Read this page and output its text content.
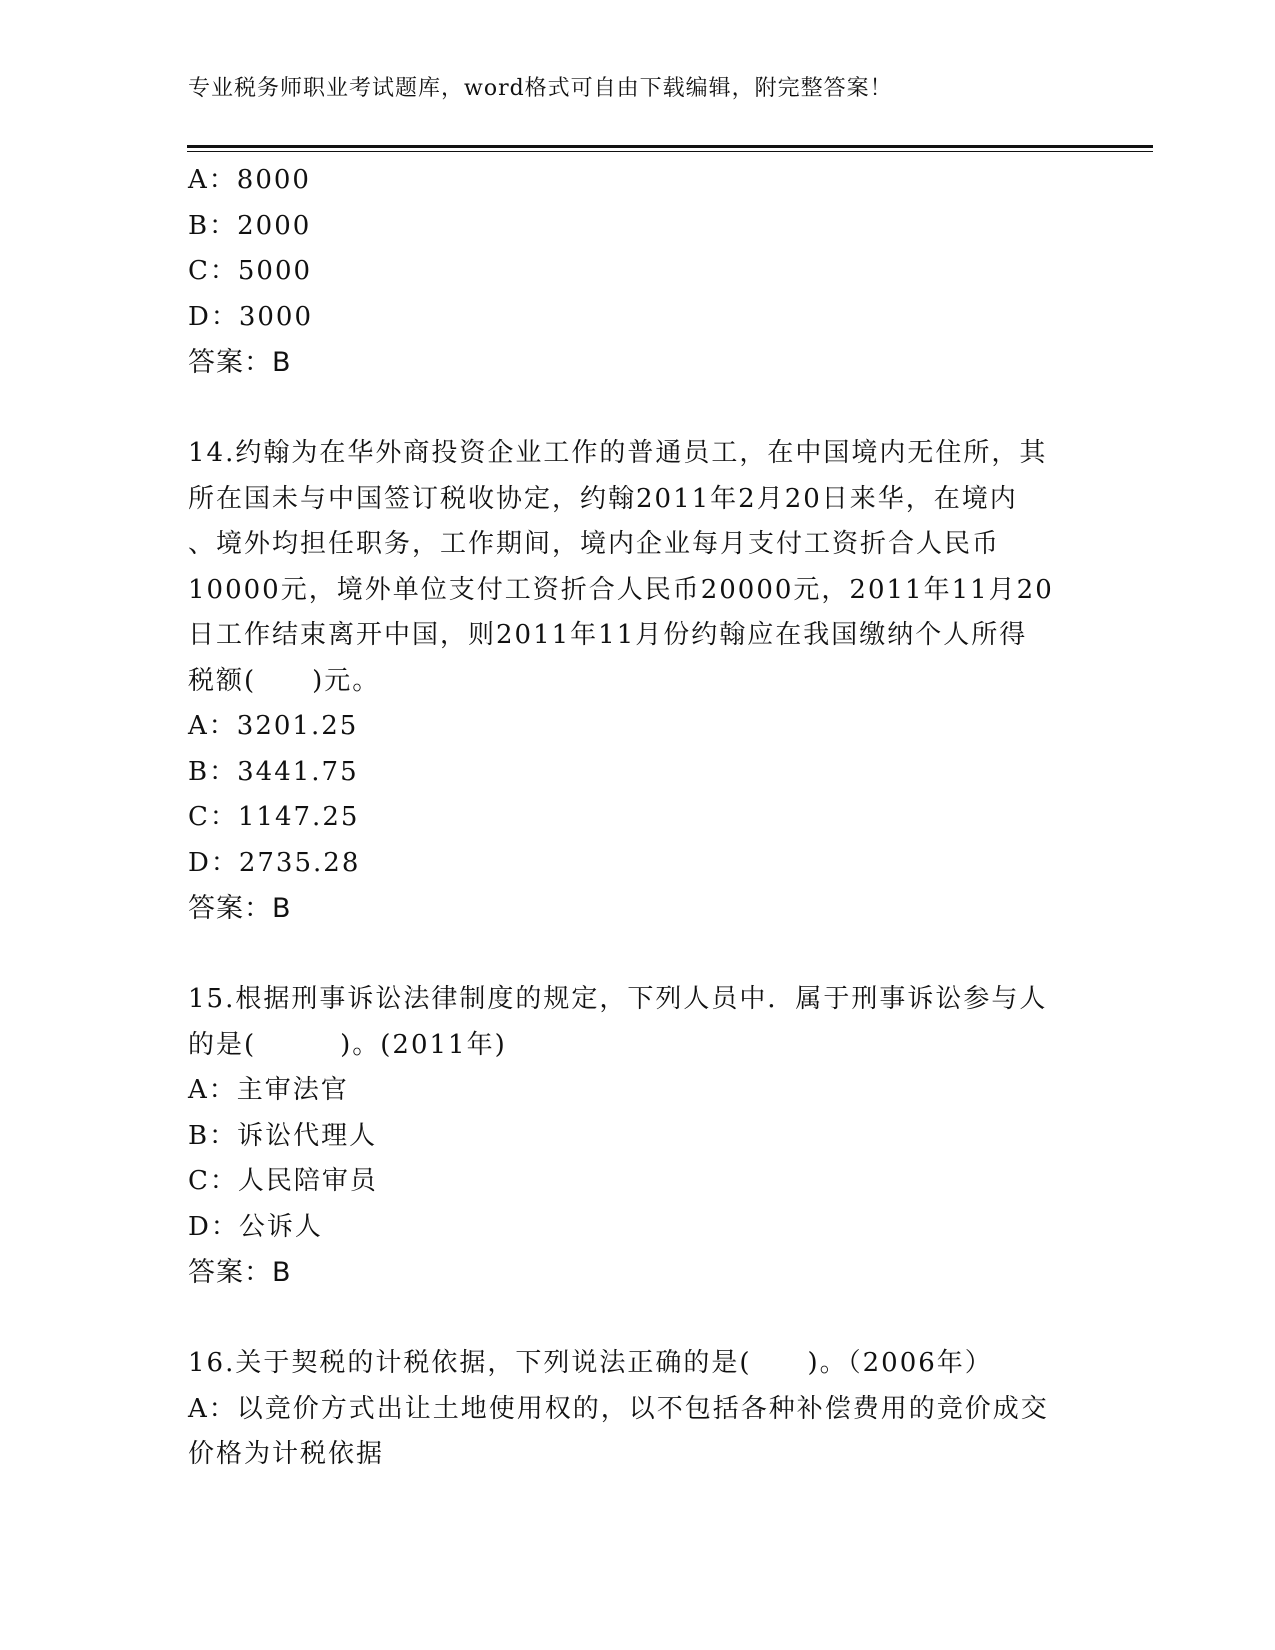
专业税务师职业考试题库，word格式可自由下载编辑，附完整答案！
A：8000
B：2000
C：5000
D：3000
答案：B
14.约翰为在华外商投资企业工作的普通员工，在中国境内无住所，其
所在国未与中国签订税收协定，约翰2011年2月20日来华，在境内
、境外均担任职务，工作期间，境内企业每月支付工资折合人民币
10000元，境外单位支付工资折合人民币20000元，2011年11月20
日工作结束离开中国，则2011年11月份约翰应在我国缴纳个人所得
税额(　　)元。
A：3201.25
B：3441.75
C：1147.25
D：2735.28
答案：B
15.根据刑事诉讼法律制度的规定，下列人员中．属于刑事诉讼参与人
的是(　　　)。(2011年)
A：主审法官
B：诉讼代理人
C：人民陪审员
D：公诉人
答案：B
16.关于契税的计税依据，下列说法正确的是(　　)。（2006年）
A：以竞价方式出让土地使用权的，以不包括各种补偿费用的竞价成交
价格为计税依据
